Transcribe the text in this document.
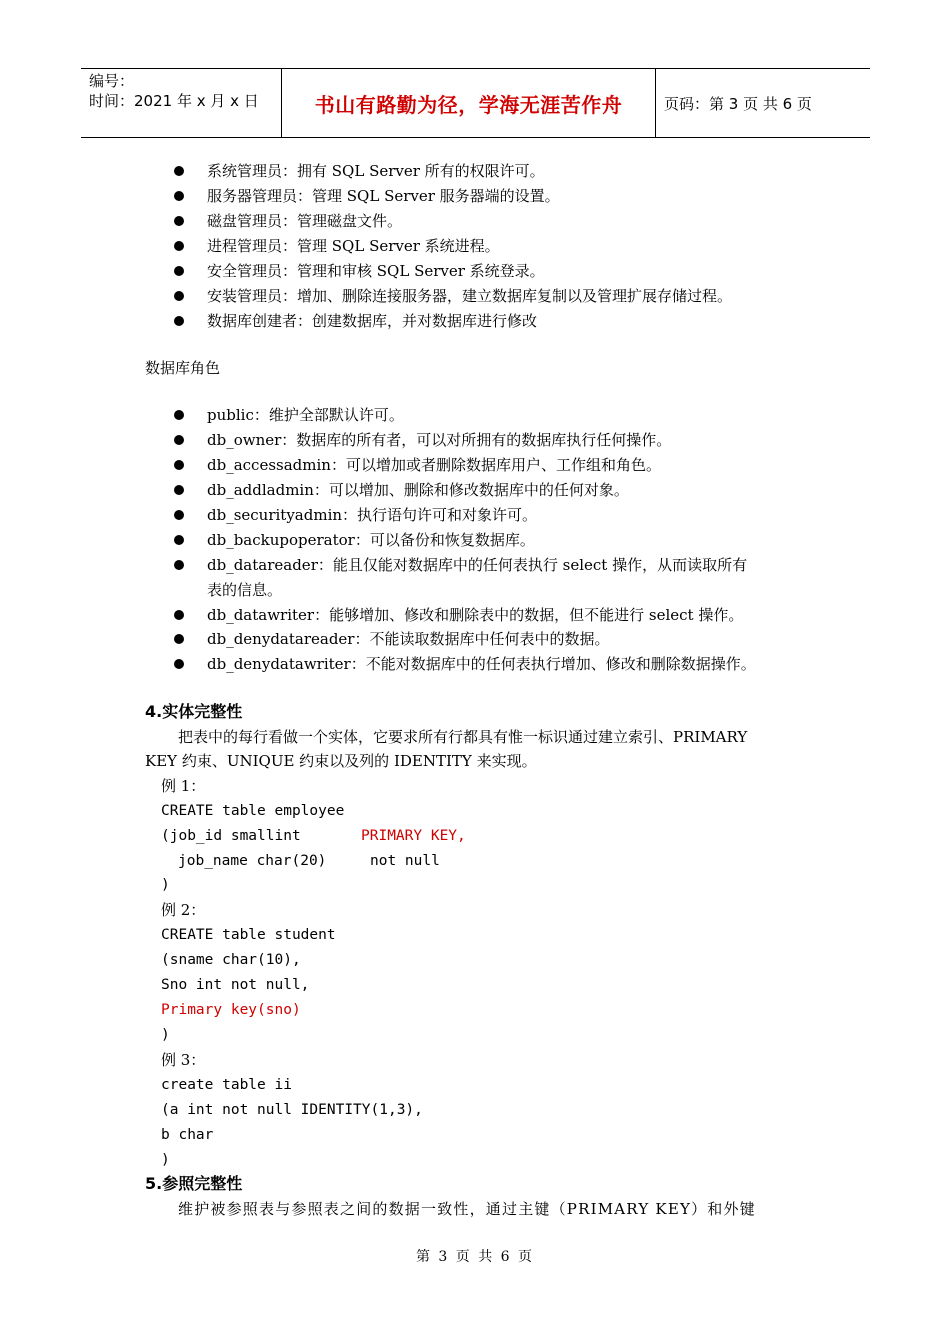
编号：
时间：2021 年 x 月 x 日	书山有路勤为径，学海无涯苦作舟	页码：第 3 页 共 6 页
系统管理员：拥有 SQL Server 所有的权限许可。
服务器管理员：管理 SQL Server 服务器端的设置。
磁盘管理员：管理磁盘文件。
进程管理员：管理 SQL Server 系统进程。
安全管理员：管理和审核 SQL Server 系统登录。
安装管理员：增加、删除连接服务器，建立数据库复制以及管理扩展存储过程。
数据库创建者：创建数据库，并对数据库进行修改
数据库角色
public：维护全部默认许可。
db_owner：数据库的所有者，可以对所拥有的数据库执行任何操作。
db_accessadmin：可以增加或者删除数据库用户、工作组和角色。
db_addladmin：可以增加、删除和修改数据库中的任何对象。
db_securityadmin：执行语句许可和对象许可。
db_backupoperator：可以备份和恢复数据库。
db_datareader：能且仅能对数据库中的任何表执行 select 操作，从而读取所有
表的信息。
db_datawriter：能够增加、修改和删除表中的数据，但不能进行 select 操作。
db_denydatareader：不能读取数据库中任何表中的数据。
db_denydatawriter：不能对数据库中的任何表执行增加、修改和删除数据操作。
4.实体完整性
把表中的每行看做一个实体，它要求所有行都具有惟一标识通过建立索引、PRIMARY
KEY 约束、UNIQUE 约束以及列的 IDENTITY 来实现。
例 1：
CREATE table employee
(job_id smallint	PRIMARY KEY,
job_name char(20)	not null
)
例 2：
CREATE table student
(sname char(10),
Sno int not null,
Primary key(sno)
)
例 3：
create table ii
(a int not null IDENTITY(1,3),
b char
)
5.参照完整性
维护被参照表与参照表之间的数据一致性，通过主键（PRIMARY KEY）和外键
第 3 页 共 6 页
